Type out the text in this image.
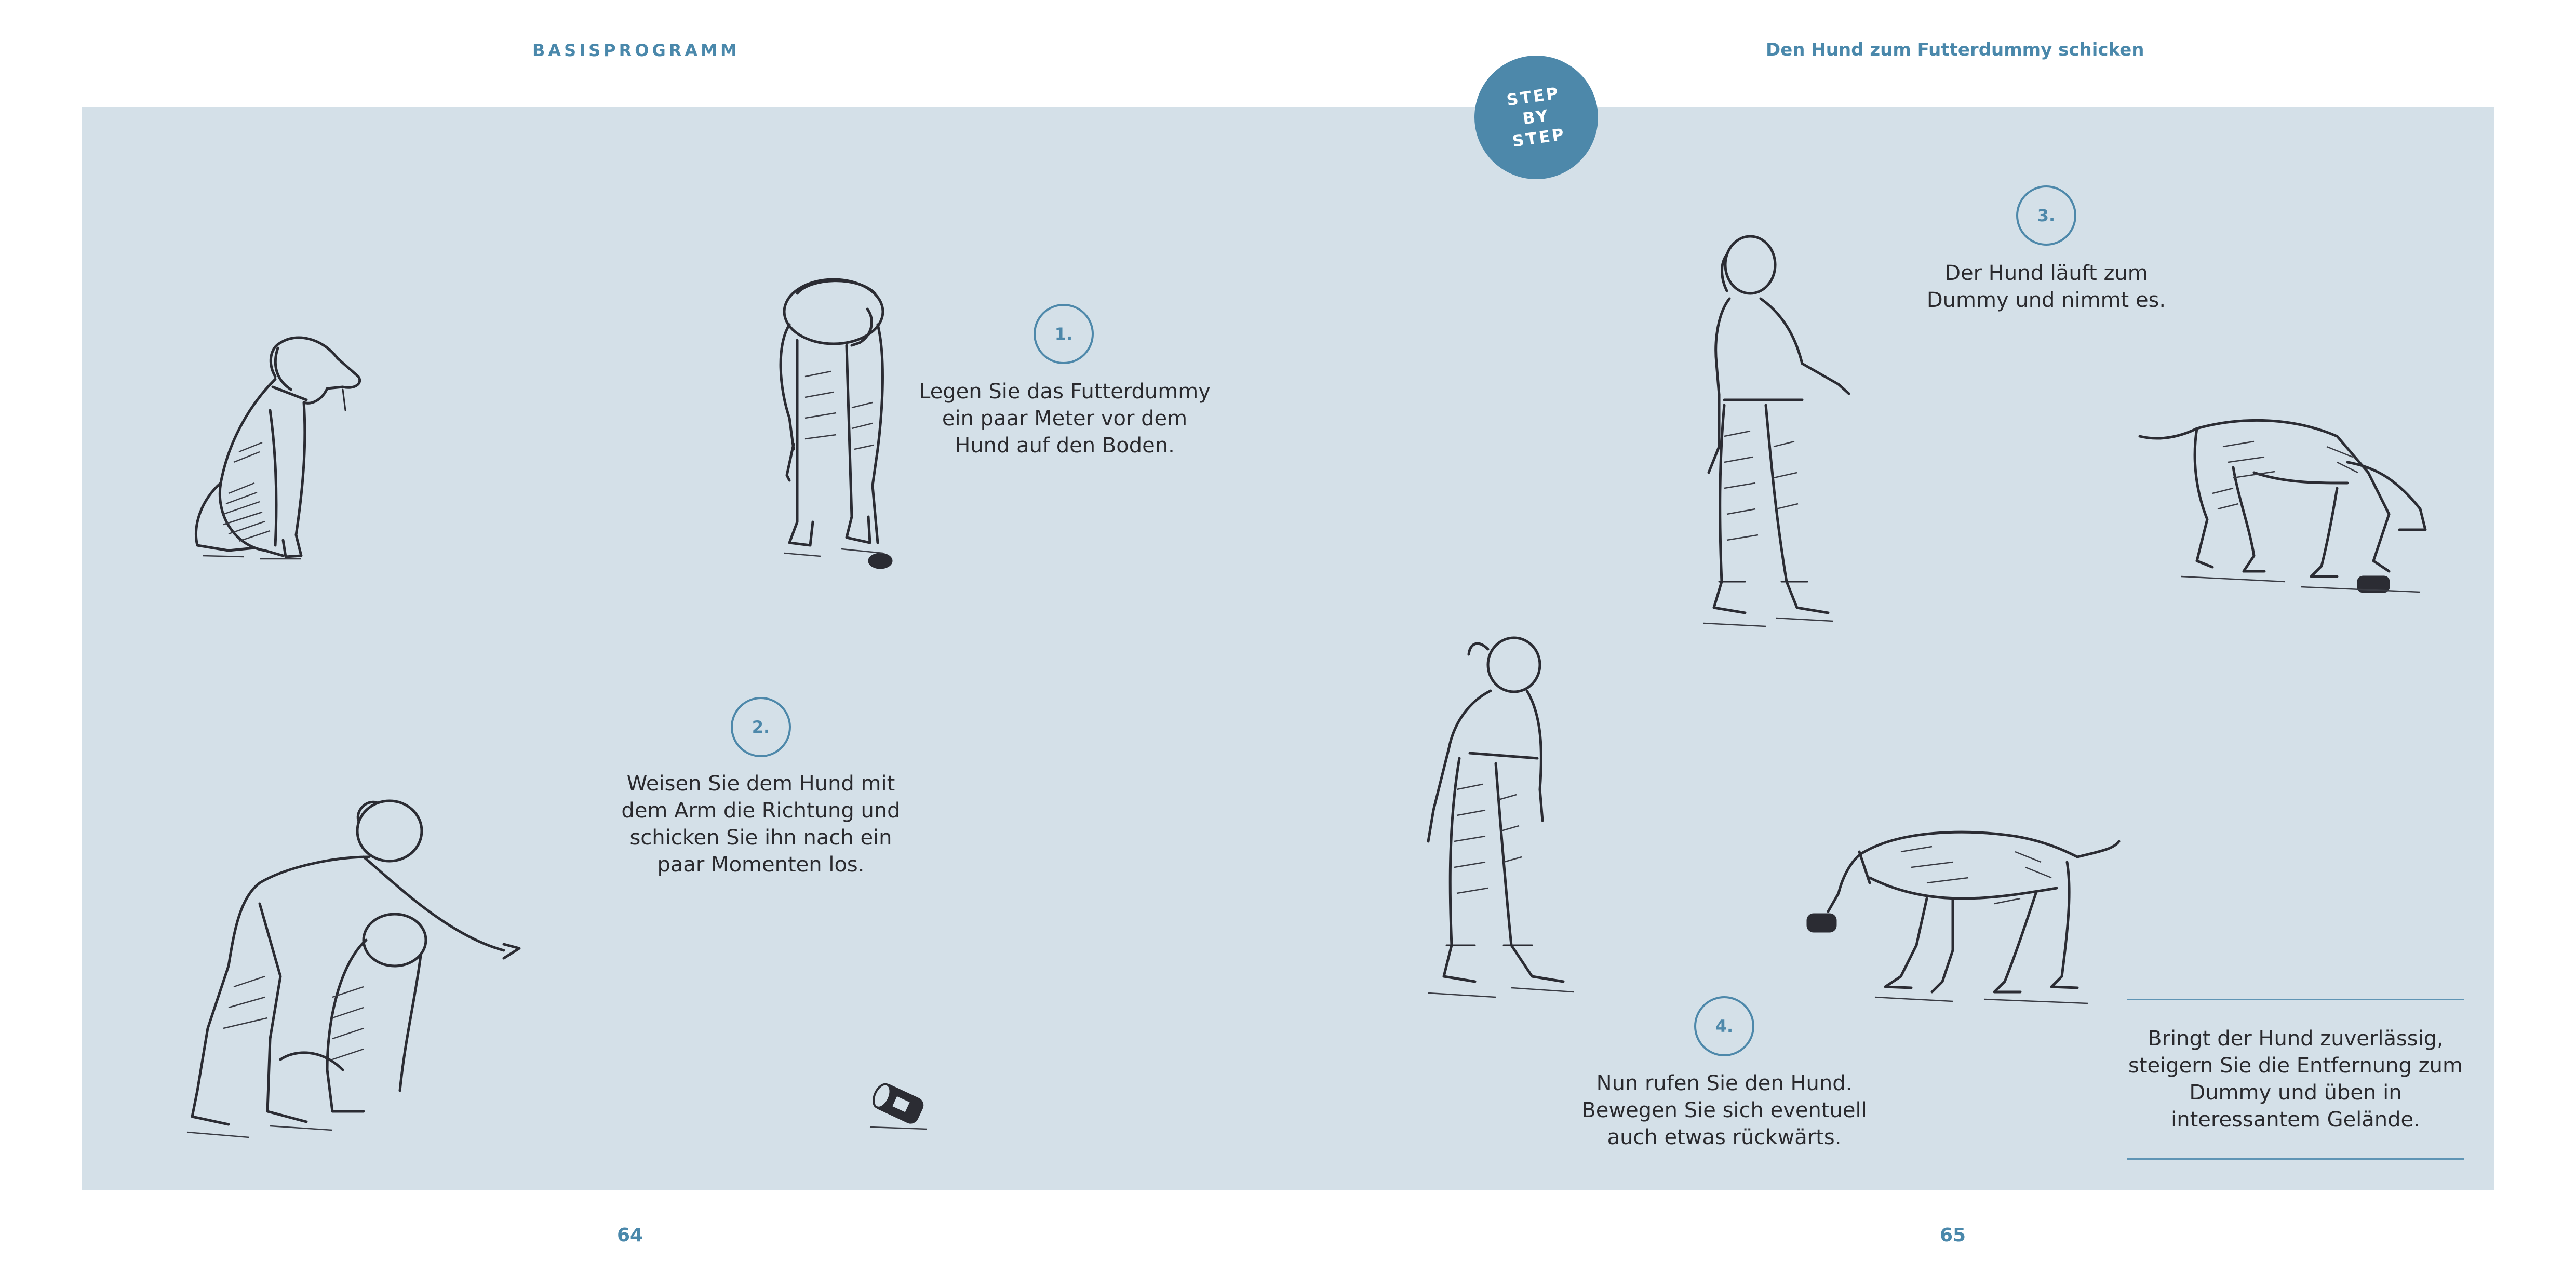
BASISPROGRAMM	Den Hund zum Futterdummy schicken
STEP
BY
STEP
1.
Legen Sie das Futterdummy
ein paar Meter vor dem
Hund auf den Boden.
2.
Weisen Sie dem Hund mit
dem Arm die Richtung und
schicken Sie ihn nach ein
paar Momenten los.
3.
Der Hund läuft zum
Dummy und nimmt es.
4.
Nun rufen Sie den Hund.
Bewegen Sie sich eventuell
auch etwas rückwärts.
Bringt der Hund zuverlässig,
steigern Sie die Entfernung zum
Dummy und üben in
interessantem Gelände.
64	65
